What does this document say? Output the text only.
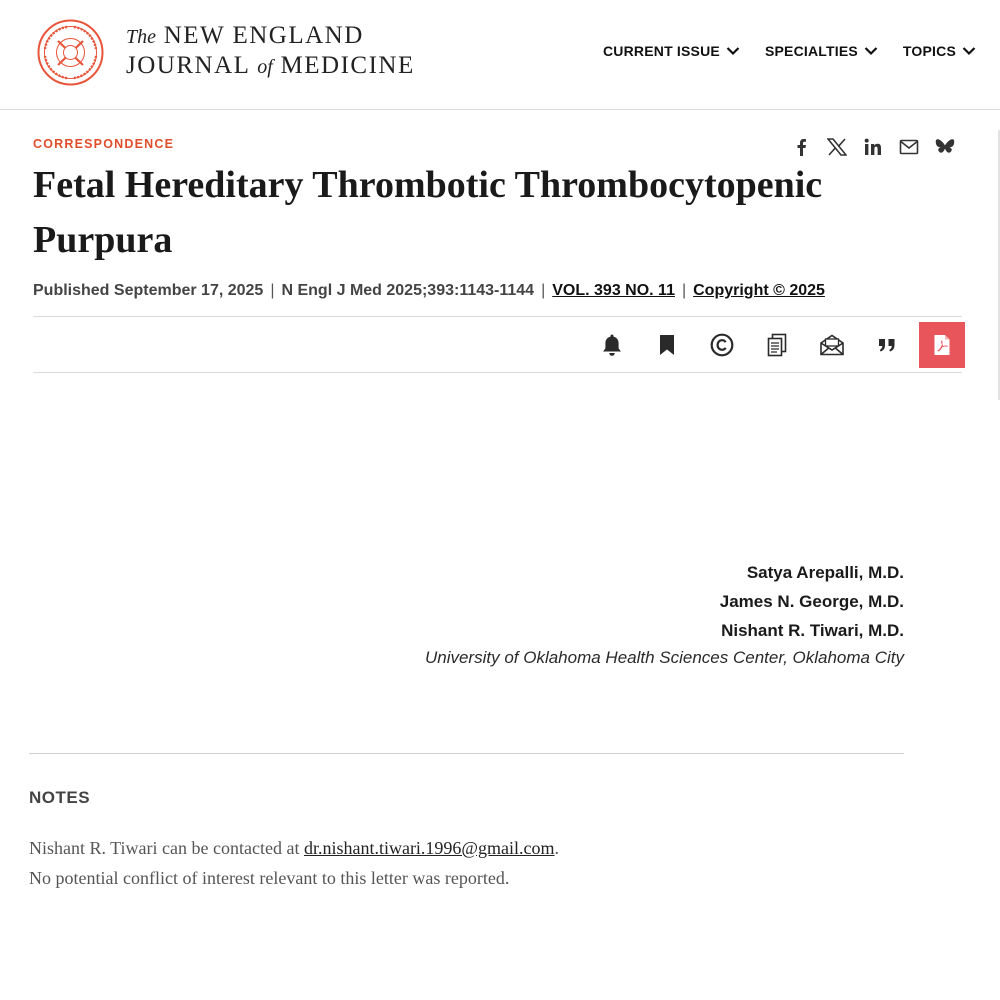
The NEW ENGLAND
JOURNAL of MEDICINE
CURRENT ISSUE	SPECIALTIES	TOPICS
CORRESPONDENCE
Fetal Hereditary Thrombotic Thrombocytopenic Purpura
Published September 17, 2025 | N Engl J Med 2025;393:1143-1144 | VOL. 393 NO. 11 | Copyright © 2025
Satya Arepalli, M.D.
James N. George, M.D.
Nishant R. Tiwari, M.D.
University of Oklahoma Health Sciences Center, Oklahoma City
NOTES
Nishant R. Tiwari can be contacted at dr.nishant.tiwari.1996@gmail.com.
No potential conflict of interest relevant to this letter was reported.
